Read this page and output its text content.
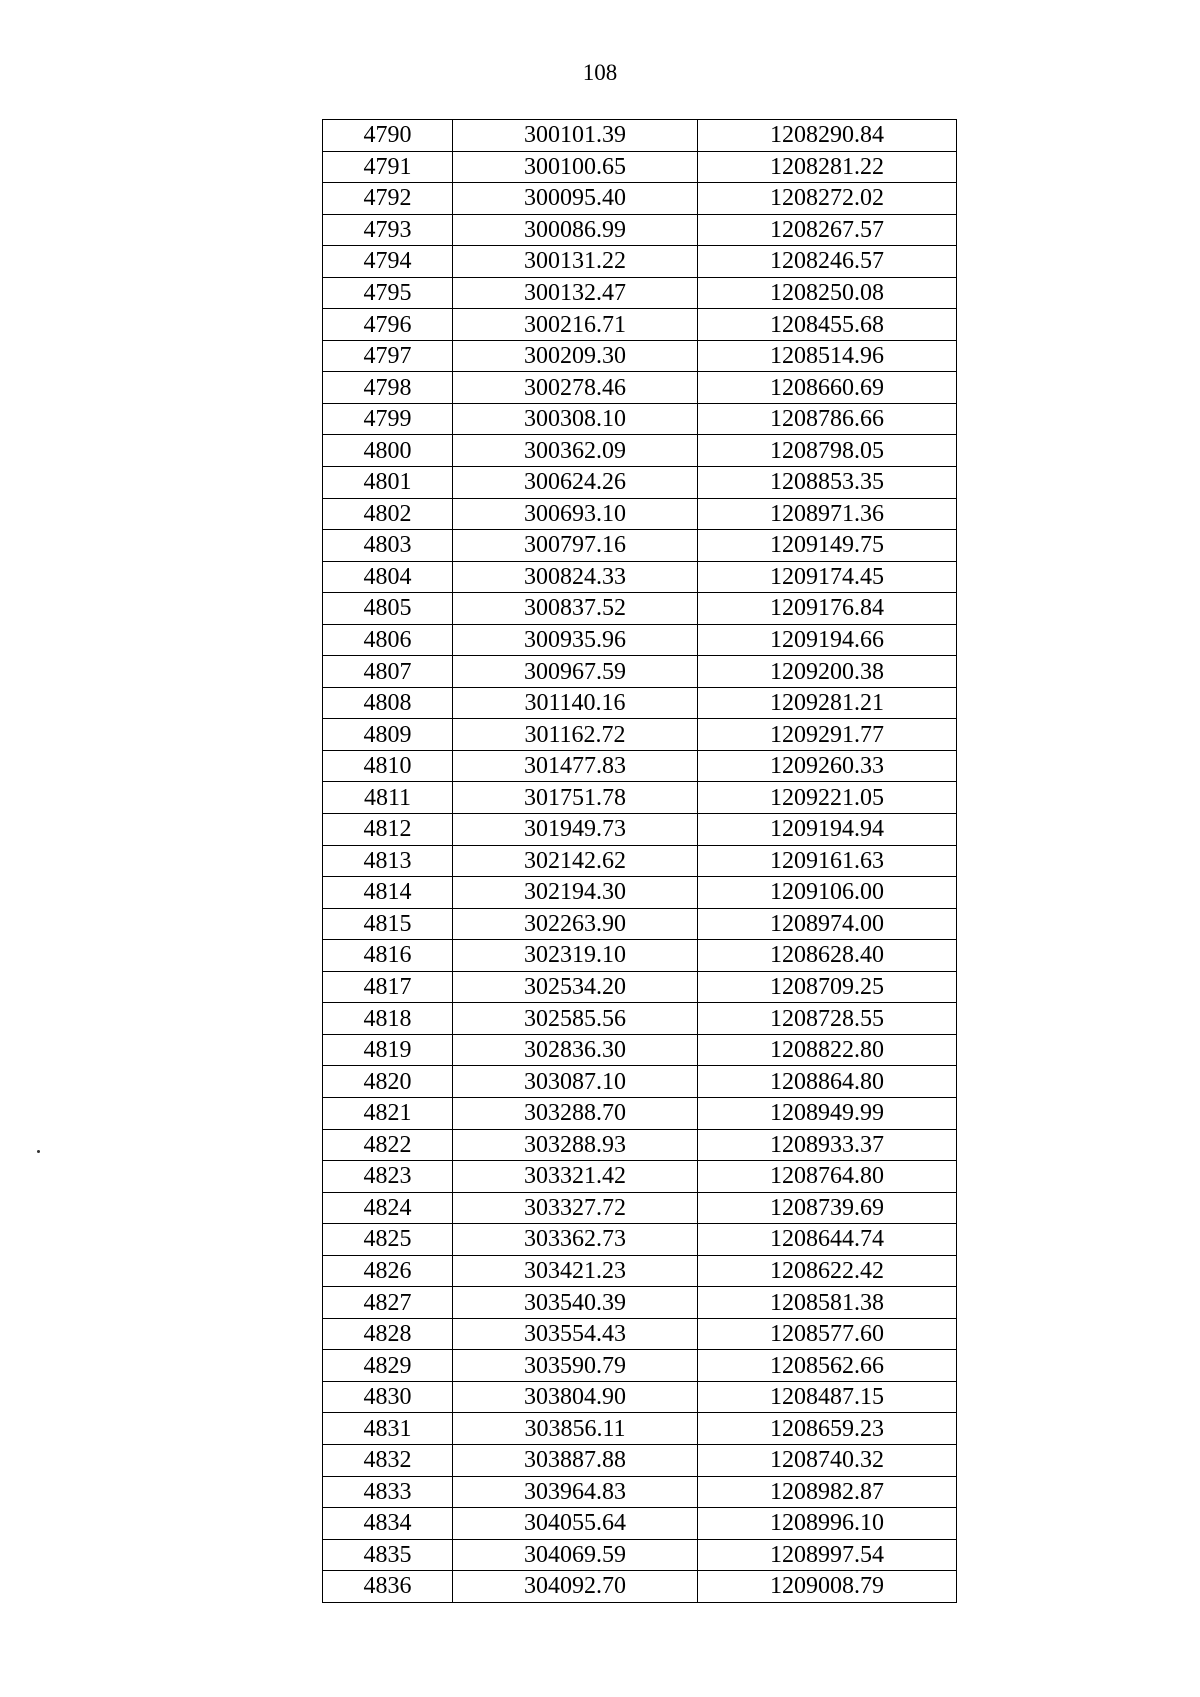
108
4790	300101.39	1208290.84
4791	300100.65	1208281.22
4792	300095.40	1208272.02
4793	300086.99	1208267.57
4794	300131.22	1208246.57
4795	300132.47	1208250.08
4796	300216.71	1208455.68
4797	300209.30	1208514.96
4798	300278.46	1208660.69
4799	300308.10	1208786.66
4800	300362.09	1208798.05
4801	300624.26	1208853.35
4802	300693.10	1208971.36
4803	300797.16	1209149.75
4804	300824.33	1209174.45
4805	300837.52	1209176.84
4806	300935.96	1209194.66
4807	300967.59	1209200.38
4808	301140.16	1209281.21
4809	301162.72	1209291.77
4810	301477.83	1209260.33
4811	301751.78	1209221.05
4812	301949.73	1209194.94
4813	302142.62	1209161.63
4814	302194.30	1209106.00
4815	302263.90	1208974.00
4816	302319.10	1208628.40
4817	302534.20	1208709.25
4818	302585.56	1208728.55
4819	302836.30	1208822.80
4820	303087.10	1208864.80
4821	303288.70	1208949.99
4822	303288.93	1208933.37
4823	303321.42	1208764.80
4824	303327.72	1208739.69
4825	303362.73	1208644.74
4826	303421.23	1208622.42
4827	303540.39	1208581.38
4828	303554.43	1208577.60
4829	303590.79	1208562.66
4830	303804.90	1208487.15
4831	303856.11	1208659.23
4832	303887.88	1208740.32
4833	303964.83	1208982.87
4834	304055.64	1208996.10
4835	304069.59	1208997.54
4836	304092.70	1209008.79
